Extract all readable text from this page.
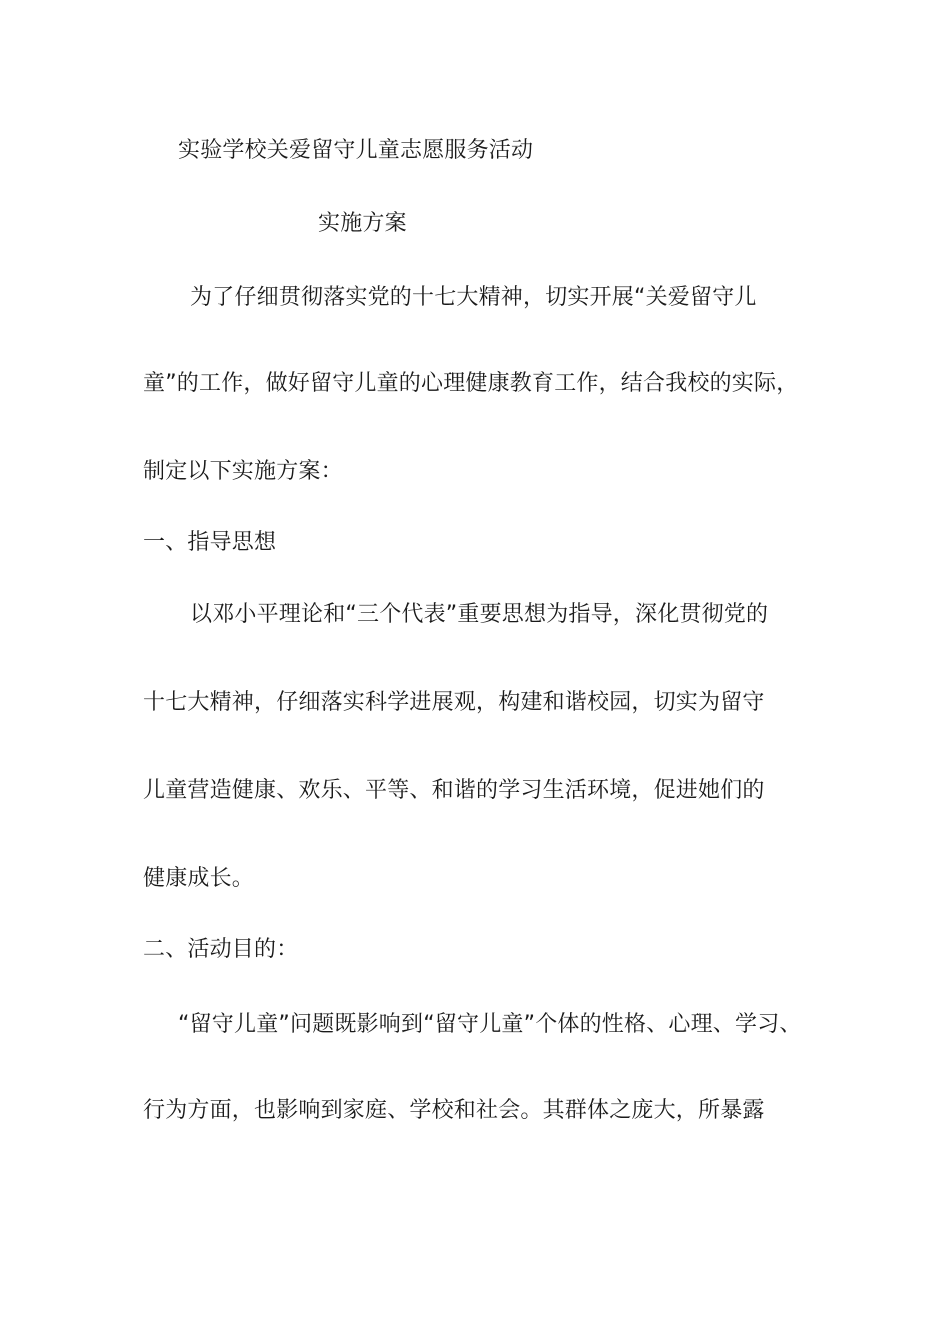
实验学校关爱留守儿童志愿服务活动
实施方案
为了仔细贯彻落实党的十七大精神，切实开展“关爱留守儿
童”的工作，做好留守儿童的心理健康教育工作，结合我校的实际，
制定以下实施方案：
一、指导思想
以邓小平理论和“三个代表”重要思想为指导，深化贯彻党的
十七大精神，仔细落实科学进展观，构建和谐校园，切实为留守
儿童营造健康、欢乐、平等、和谐的学习生活环境，促进她们的
健康成长。
二、活动目的：
“留守儿童”问题既影响到“留守儿童”个体的性格、心理、学习、
行为方面，也影响到家庭、学校和社会。其群体之庞大，所暴露
